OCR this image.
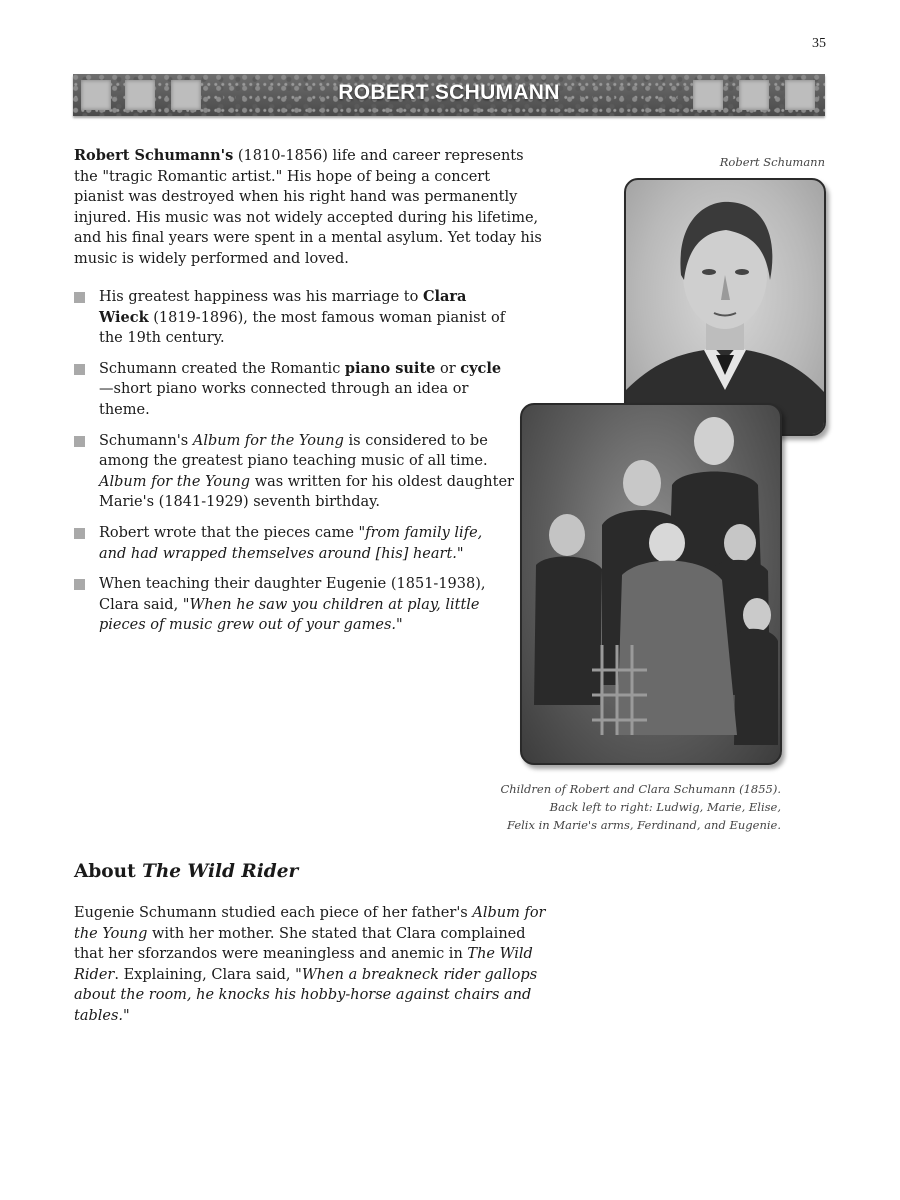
35
ROBERT SCHUMANN

Robert Schumann's (1810-1856) life and career represents the "tragic Romantic artist." His hope of being a concert pianist was destroyed when his right hand was permanently injured. His music was not widely accepted during his lifetime, and his final years were spent in a mental asylum. Yet today his music is widely performed and loved.

His greatest happiness was his marriage to Clara Wieck (1819-1896), the most famous woman pianist of the 19th century.
Schumann created the Romantic piano suite or cycle—short piano works connected through an idea or theme.
Schumann's Album for the Young is considered to be among the greatest piano teaching music of all time. Album for the Young was written for his oldest daughter Marie's (1841-1929) seventh birthday.
Robert wrote that the pieces came "from family life, and had wrapped themselves around [his] heart."
When teaching their daughter Eugenie (1851-1938), Clara said, "When he saw you children at play, little pieces of music grew out of your games."
Robert Schumann
Children of Robert and Clara Schumann (1855).
Back left to right: Ludwig, Marie, Elise,
Felix in Marie's arms, Ferdinand, and Eugenie.
About The Wild Rider

Eugenie Schumann studied each piece of her father's Album for the Young with her mother. She stated that Clara complained that her sforzandos were meaningless and anemic in The Wild Rider. Explaining, Clara said, "When a breakneck rider gallops about the room, he knocks his hobby-horse against chairs and tables."
